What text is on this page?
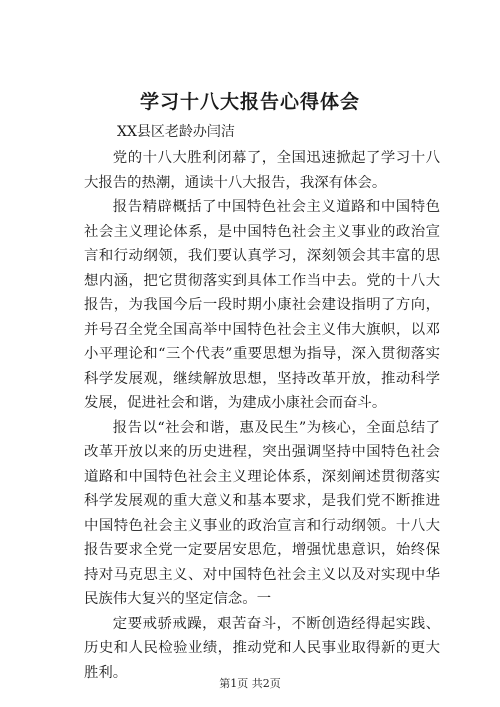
学习十八大报告心得体会
XX县区老龄办闫洁

党的十八大胜利闭幕了，全国迅速掀起了学习十八大报告的热潮，通读十八大报告，我深有体会。

报告精辟概括了中国特色社会主义道路和中国特色社会主义理论体系，是中国特色社会主义事业的政治宣言和行动纲领，我们要认真学习，深刻领会其丰富的思想内涵，把它贯彻落实到具体工作当中去。党的十八大报告，为我国今后一段时期小康社会建设指明了方向，并号召全党全国高举中国特色社会主义伟大旗帜，以邓小平理论和“三个代表”重要思想为指导，深入贯彻落实科学发展观，继续解放思想，坚持改革开放，推动科学发展，促进社会和谐，为建成小康社会而奋斗。

报告以“社会和谐，惠及民生”为核心，全面总结了改革开放以来的历史进程，突出强调坚持中国特色社会道路和中国特色社会主义理论体系，深刻阐述贯彻落实科学发展观的重大意义和基本要求，是我们党不断推进中国特色社会主义事业的政治宣言和行动纲领。十八大报告要求全党一定要居安思危，增强忧患意识，始终保持对马克思主义、对中国特色社会主义以及对实现中华民族伟大复兴的坚定信念。一

定要戒骄戒躁，艰苦奋斗，不断创造经得起实践、历史和人民检验业绩，推动党和人民事业取得新的更大胜利。

第1页 共2页
